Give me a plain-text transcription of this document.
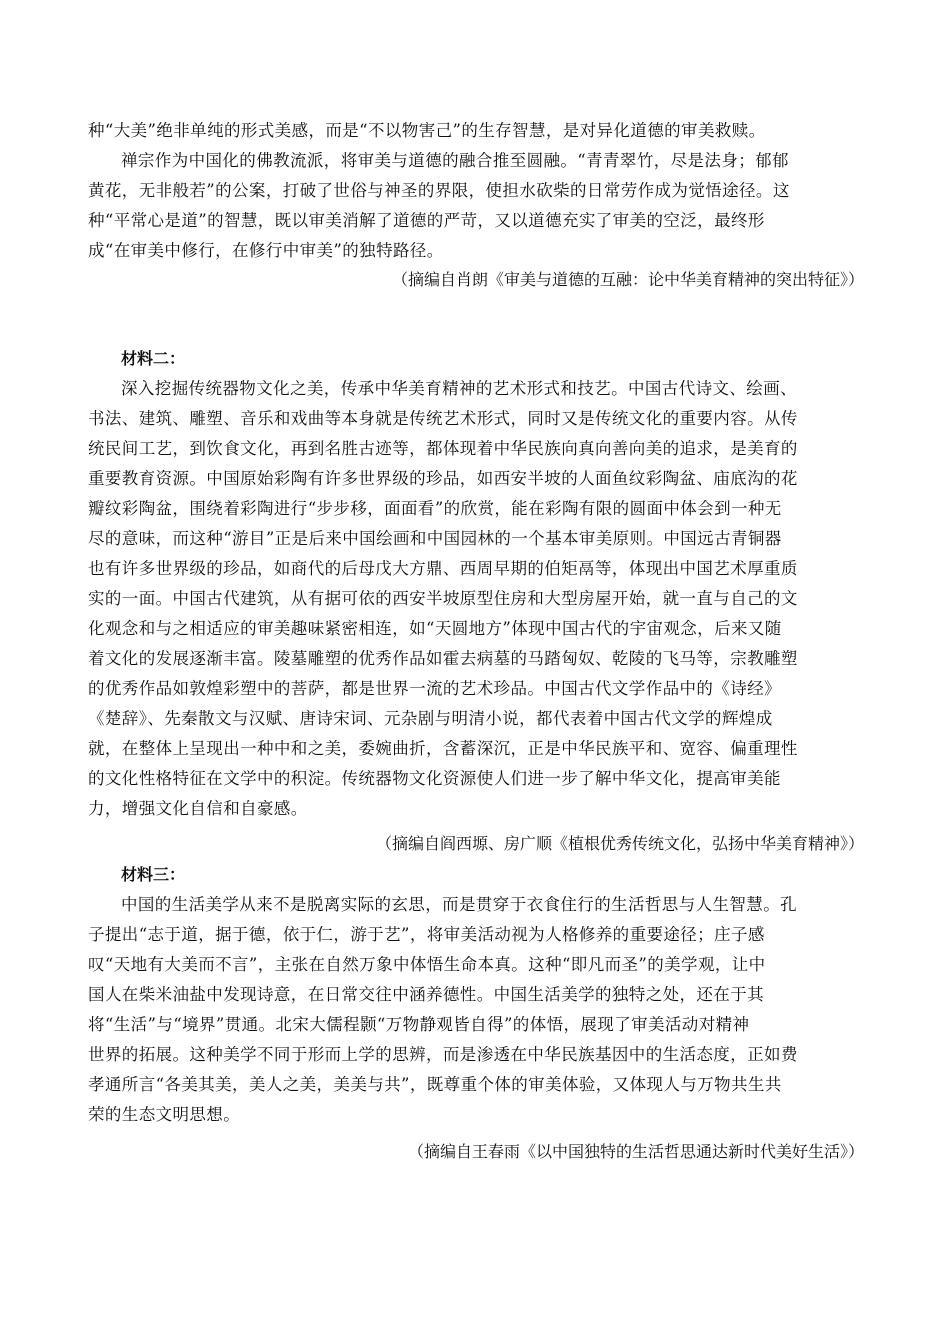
种“大美”绝非单纯的形式美感，而是“不以物害己”的生存智慧，是对异化道德的审美救赎。
禅宗作为中国化的佛教流派，将审美与道德的融合推至圆融。“青青翠竹，尽是法身；郁郁
黄花，无非般若”的公案，打破了世俗与神圣的界限，使担水砍柴的日常劳作成为觉悟途径。这
种“平常心是道”的智慧，既以审美消解了道德的严苛，又以道德充实了审美的空泛，最终形
成“在审美中修行，在修行中审美”的独特路径。
（摘编自肖朗《审美与道德的互融：论中华美育精神的突出特征》）
材料二：
深入挖掘传统器物文化之美，传承中华美育精神的艺术形式和技艺。中国古代诗文、绘画、
书法、建筑、雕塑、音乐和戏曲等本身就是传统艺术形式，同时又是传统文化的重要内容。从传
统民间工艺，到饮食文化，再到名胜古迹等，都体现着中华民族向真向善向美的追求，是美育的
重要教育资源。中国原始彩陶有许多世界级的珍品，如西安半坡的人面鱼纹彩陶盆、庙底沟的花
瓣纹彩陶盆，围绕着彩陶进行“步步移，面面看”的欣赏，能在彩陶有限的圆面中体会到一种无
尽的意味，而这种“游目”正是后来中国绘画和中国园林的一个基本审美原则。中国远古青铜器
也有许多世界级的珍品，如商代的后母戊大方鼎、西周早期的伯矩鬲等，体现出中国艺术厚重质
实的一面。中国古代建筑，从有据可依的西安半坡原型住房和大型房屋开始，就一直与自己的文
化观念和与之相适应的审美趣味紧密相连，如“天圆地方”体现中国古代的宇宙观念，后来又随
着文化的发展逐渐丰富。陵墓雕塑的优秀作品如霍去病墓的马踏匈奴、乾陵的飞马等，宗教雕塑
的优秀作品如敦煌彩塑中的菩萨，都是世界一流的艺术珍品。中国古代文学作品中的《诗经》
《楚辞》、先秦散文与汉赋、唐诗宋词、元杂剧与明清小说，都代表着中国古代文学的辉煌成
就，在整体上呈现出一种中和之美，委婉曲折，含蓄深沉，正是中华民族平和、宽容、偏重理性
的文化性格特征在文学中的积淀。传统器物文化资源使人们进一步了解中华文化，提高审美能
力，增强文化自信和自豪感。
（摘编自阎西塬、房广顺《植根优秀传统文化，弘扬中华美育精神》）
材料三：
中国的生活美学从来不是脱离实际的玄思，而是贯穿于衣食住行的生活哲思与人生智慧。孔
子提出“志于道，据于德，依于仁，游于艺”，将审美活动视为人格修养的重要途径；庄子感
叹“天地有大美而不言”，主张在自然万象中体悟生命本真。这种“即凡而圣”的美学观，让中
国人在柴米油盐中发现诗意，在日常交往中涵养德性。中国生活美学的独特之处，还在于其
将“生活”与“境界”贯通。北宋大儒程颢“万物静观皆自得”的体悟，展现了审美活动对精神
世界的拓展。这种美学不同于形而上学的思辨，而是渗透在中华民族基因中的生活态度，正如费
孝通所言“各美其美，美人之美，美美与共”，既尊重个体的审美体验，又体现人与万物共生共
荣的生态文明思想。
（摘编自王春雨《以中国独特的生活哲思通达新时代美好生活》）
